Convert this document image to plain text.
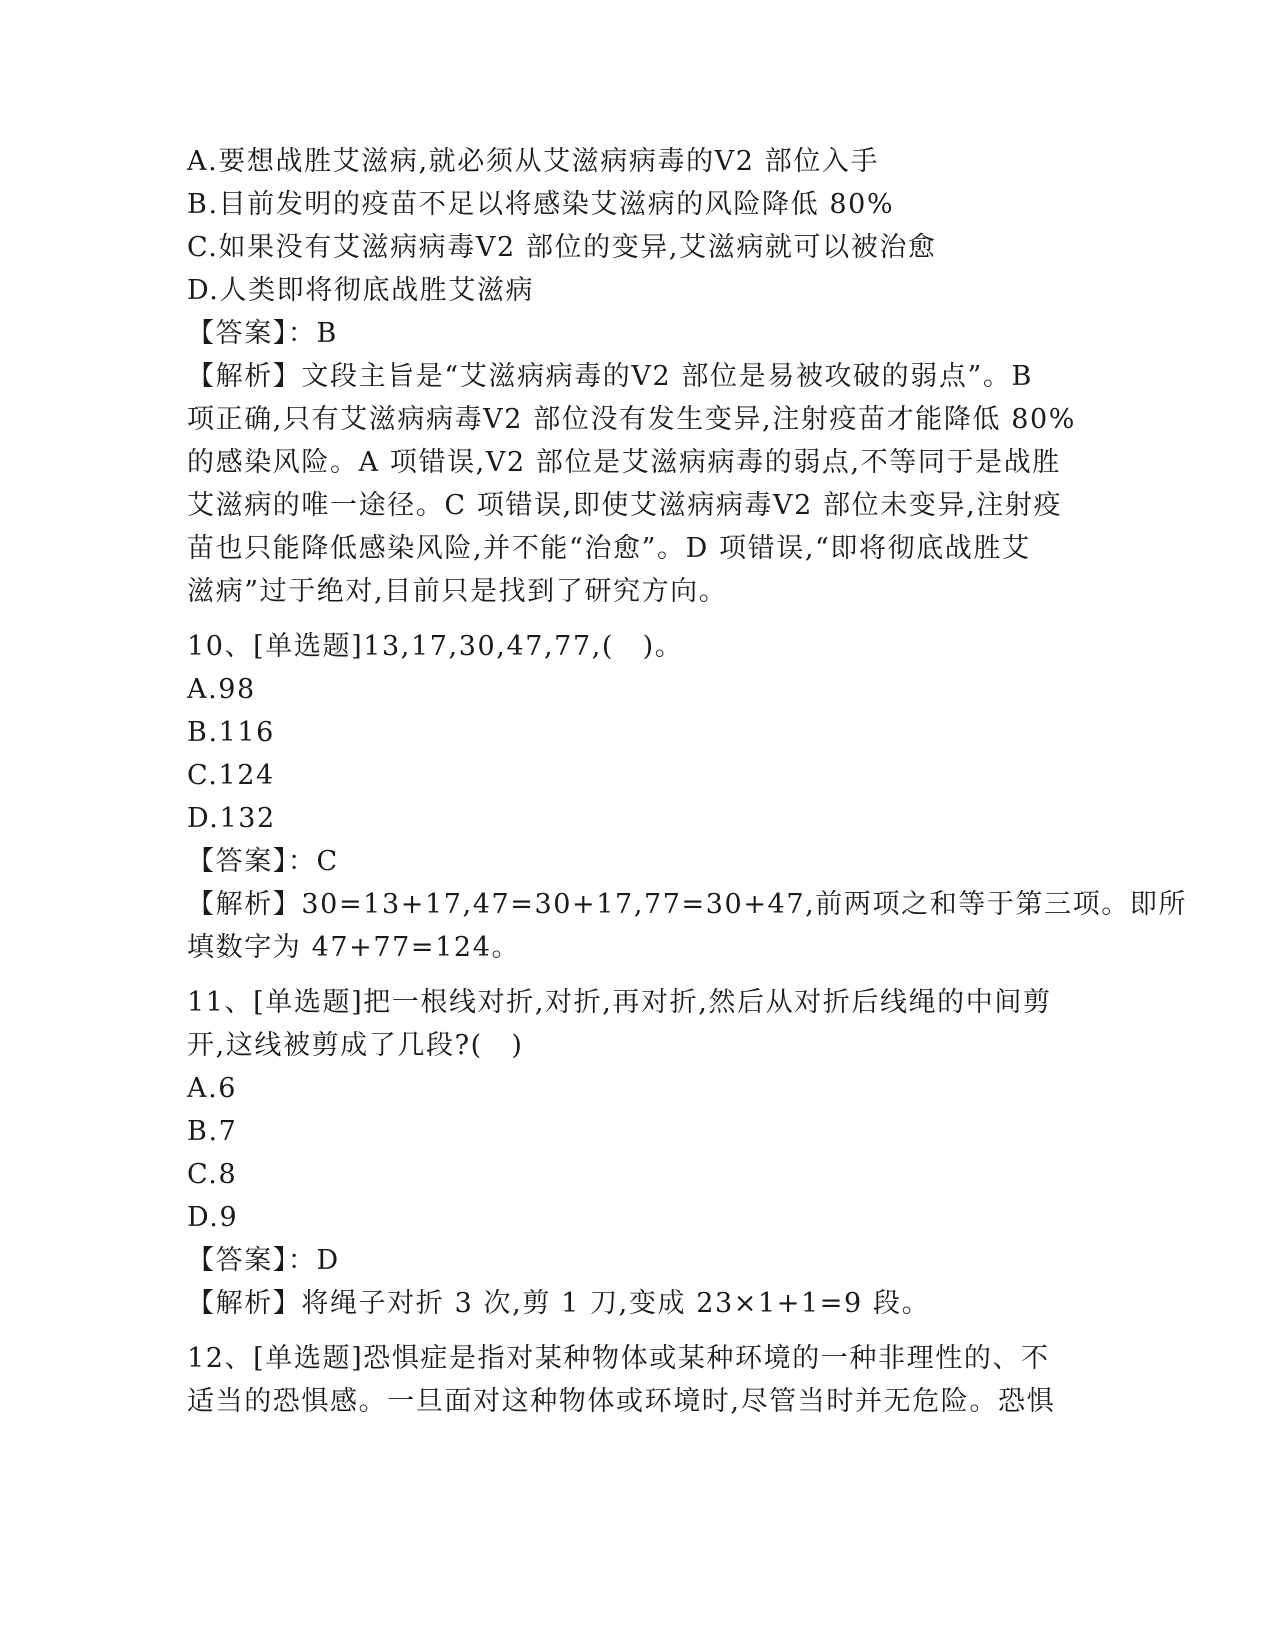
A.要想战胜艾滋病,就必须从艾滋病病毒的V2 部位入手
B.目前发明的疫苗不足以将感染艾滋病的风险降低 80%
C.如果没有艾滋病病毒V2 部位的变异,艾滋病就可以被治愈
D.人类即将彻底战胜艾滋病
【答案】：B
【解析】文段主旨是“艾滋病病毒的V2 部位是易被攻破的弱点”。B
项正确,只有艾滋病病毒V2 部位没有发生变异,注射疫苗才能降低 80%
的感染风险。A 项错误,V2 部位是艾滋病病毒的弱点,不等同于是战胜
艾滋病的唯一途径。C 项错误,即使艾滋病病毒V2 部位未变异,注射疫
苗也只能降低感染风险,并不能“治愈”。D 项错误,“即将彻底战胜艾
滋病”过于绝对,目前只是找到了研究方向。
10、[单选题]13,17,30,47,77,(　)。
A.98
B.116
C.124
D.132
【答案】：C
【解析】30=13+17,47=30+17,77=30+47,前两项之和等于第三项。即所
填数字为 47+77=124。
11、[单选题]把一根线对折,对折,再对折,然后从对折后线绳的中间剪
开,这线被剪成了几段?(　)
A.6
B.7
C.8
D.9
【答案】：D
【解析】将绳子对折 3 次,剪 1 刀,变成 23×1+1=9 段。
12、[单选题]恐惧症是指对某种物体或某种环境的一种非理性的、不
适当的恐惧感。一旦面对这种物体或环境时,尽管当时并无危险。恐惧
